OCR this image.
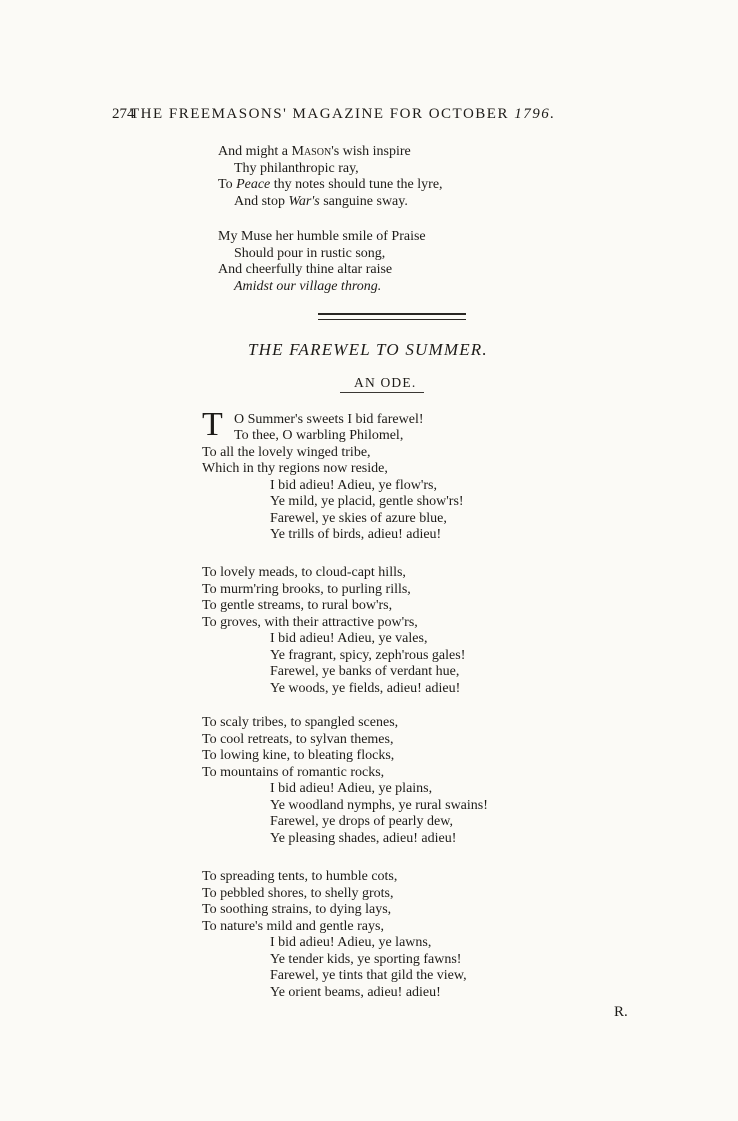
274
THE FREEMASONS' MAGAZINE FOR OCTOBER 1796.
And might a Mason's wish inspire
Thy philanthropic ray,
To Peace thy notes should tune the lyre,
And stop War's sanguine sway.
My Muse her humble smile of Praise
Should pour in rustic song,
And cheerfully thine altar raise
Amidst our village throng.
THE FAREWEL TO SUMMER.
AN ODE.
T O Summer's sweets I bid farewel!
To thee, O warbling Philomel,
To all the lovely winged tribe,
Which in thy regions now reside,
I bid adieu! Adieu, ye flow'rs,
Ye mild, ye placid, gentle show'rs!
Farewel, ye skies of azure blue,
Ye trills of birds, adieu! adieu!
To lovely meads, to cloud-capt hills,
To murm'ring brooks, to purling rills,
To gentle streams, to rural bow'rs,
To groves, with their attractive pow'rs,
I bid adieu! Adieu, ye vales,
Ye fragrant, spicy, zeph'rous gales!
Farewel, ye banks of verdant hue,
Ye woods, ye fields, adieu! adieu!
To scaly tribes, to spangled scenes,
To cool retreats, to sylvan themes,
To lowing kine, to bleating flocks,
To mountains of romantic rocks,
I bid adieu! Adieu, ye plains,
Ye woodland nymphs, ye rural swains!
Farewel, ye drops of pearly dew,
Ye pleasing shades, adieu! adieu!
To spreading tents, to humble cots,
To pebbled shores, to shelly grots,
To soothing strains, to dying lays,
To nature's mild and gentle rays,
I bid adieu! Adieu, ye lawns,
Ye tender kids, ye sporting fawns!
Farewel, ye tints that gild the view,
Ye orient beams, adieu! adieu!
R.
